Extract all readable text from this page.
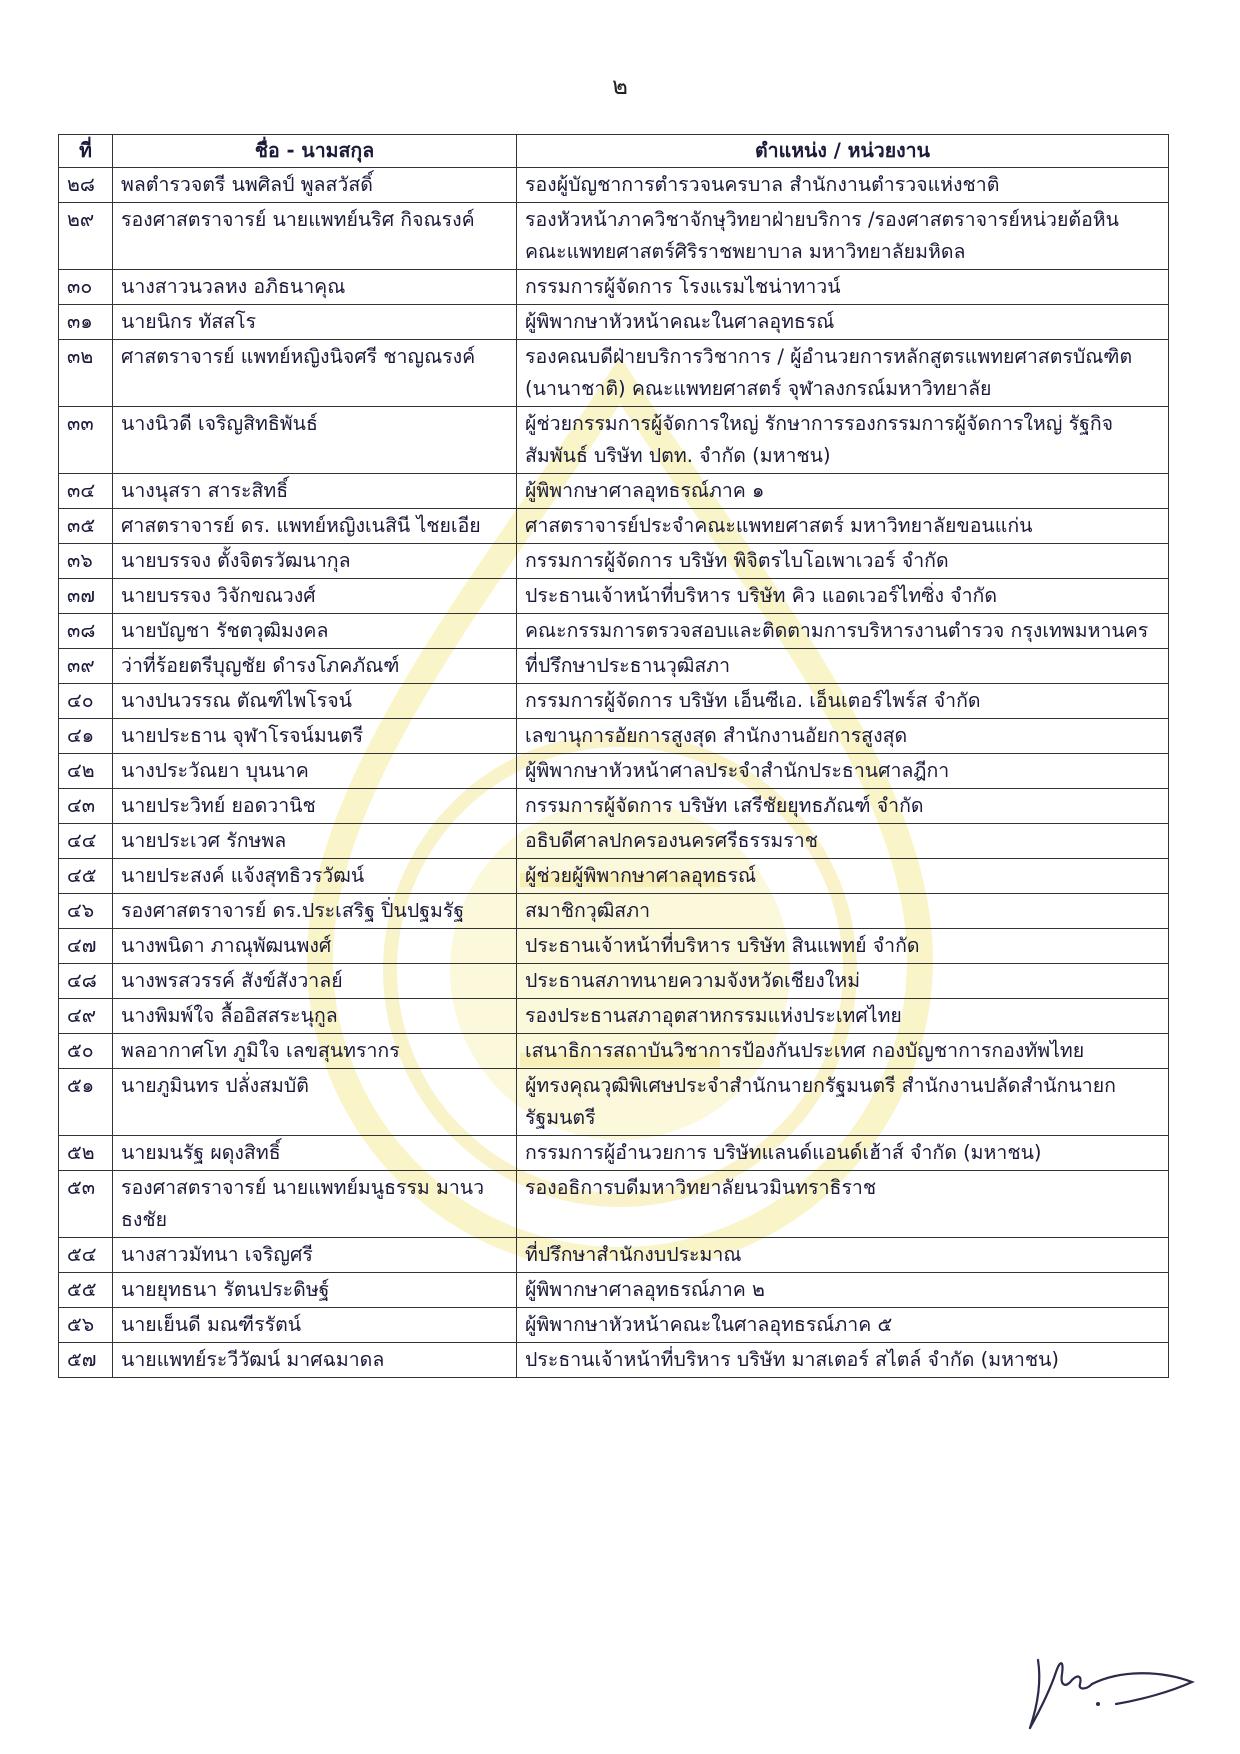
๒
ที่	ชื่อ - นามสกุล	ตำแหน่ง / หน่วยงาน
๒๘	พลตำรวจตรี นพศิลป์ พูลสวัสดิ์	รองผู้บัญชาการตำรวจนครบาล สำนักงานตำรวจแห่งชาติ
๒๙	รองศาสตราจารย์ นายแพทย์นริศ กิจณรงค์	รองหัวหน้าภาควิชาจักษุวิทยาฝ่ายบริการ /รองศาสตราจารย์หน่วยต้อหิน คณะแพทยศาสตร์ศิริราชพยาบาล มหาวิทยาลัยมหิดล
๓๐	นางสาวนวลหง อภิธนาคุณ	กรรมการผู้จัดการ โรงแรมไชน่าทาวน์
๓๑	นายนิกร ทัสสโร	ผู้พิพากษาหัวหน้าคณะในศาลอุทธรณ์
๓๒	ศาสตราจารย์ แพทย์หญิงนิจศรี ชาญณรงค์	รองคณบดีฝ่ายบริการวิชาการ / ผู้อำนวยการหลักสูตรแพทยศาสตรบัณฑิต (นานาชาติ) คณะแพทยศาสตร์ จุฬาลงกรณ์มหาวิทยาลัย
๓๓	นางนิวดี เจริญสิทธิพันธ์	ผู้ช่วยกรรมการผู้จัดการใหญ่ รักษาการรองกรรมการผู้จัดการใหญ่ รัฐกิจสัมพันธ์ บริษัท ปตท. จำกัด (มหาชน)
๓๔	นางนุสรา สาระสิทธิ์	ผู้พิพากษาศาลอุทธรณ์ภาค ๑
๓๕	ศาสตราจารย์ ดร. แพทย์หญิงเนสินี ไชยเอีย	ศาสตราจารย์ประจำคณะแพทยศาสตร์ มหาวิทยาลัยขอนแก่น
๓๖	นายบรรจง ตั้งจิตรวัฒนากุล	กรรมการผู้จัดการ บริษัท พิจิตรไบโอเพาเวอร์ จำกัด
๓๗	นายบรรจง วิจักขณวงศ์	ประธานเจ้าหน้าที่บริหาร บริษัท คิว แอดเวอร์ไทซิ่ง จำกัด
๓๘	นายบัญชา รัชตวุฒิมงคล	คณะกรรมการตรวจสอบและติดตามการบริหารงานตำรวจ กรุงเทพมหานคร
๓๙	ว่าที่ร้อยตรีบุญชัย ดำรงโภคภัณฑ์	ที่ปรึกษาประธานวุฒิสภา
๔๐	นางปนวรรณ ตัณฑ์ไพโรจน์	กรรมการผู้จัดการ บริษัท เอ็นซีเอ. เอ็นเตอร์ไพร์ส จำกัด
๔๑	นายประธาน จุฬาโรจน์มนตรี	เลขานุการอัยการสูงสุด สำนักงานอัยการสูงสุด
๔๒	นางประวัณยา บุนนาค	ผู้พิพากษาหัวหน้าศาลประจำสำนักประธานศาลฎีกา
๔๓	นายประวิทย์ ยอดวานิช	กรรมการผู้จัดการ บริษัท เสรีชัยยุทธภัณฑ์ จำกัด
๔๔	นายประเวศ รักษพล	อธิบดีศาลปกครองนครศรีธรรมราช
๔๕	นายประสงค์ แจ้งสุทธิวรวัฒน์	ผู้ช่วยผู้พิพากษาศาลอุทธรณ์
๔๖	รองศาสตราจารย์ ดร.ประเสริฐ ปิ่นปฐมรัฐ	สมาชิกวุฒิสภา
๔๗	นางพนิดา ภาณุพัฒนพงศ์	ประธานเจ้าหน้าที่บริหาร บริษัท สินแพทย์ จำกัด
๔๘	นางพรสวรรค์ สังข์สังวาลย์	ประธานสภาทนายความจังหวัดเชียงใหม่
๔๙	นางพิมพ์ใจ ลื้ออิสสระนุกูล	รองประธานสภาอุตสาหกรรมแห่งประเทศไทย
๕๐	พลอากาศโท ภูมิใจ เลขสุนทรากร	เสนาธิการสถาบันวิชาการป้องกันประเทศ กองบัญชาการกองทัพไทย
๕๑	นายภูมินทร ปลั่งสมบัติ	ผู้ทรงคุณวุฒิพิเศษประจำสำนักนายกรัฐมนตรี สำนักงานปลัดสำนักนายกรัฐมนตรี
๕๒	นายมนรัฐ ผดุงสิทธิ์	กรรมการผู้อำนวยการ บริษัทแลนด์แอนด์เฮ้าส์ จำกัด (มหาชน)
๕๓	รองศาสตราจารย์ นายแพทย์มนูธรรม มานวธงชัย	รองอธิการบดีมหาวิทยาลัยนวมินทราธิราช
๕๔	นางสาวมัทนา เจริญศรี	ที่ปรึกษาสำนักงบประมาณ
๕๕	นายยุทธนา รัตนประดิษฐ์	ผู้พิพากษาศาลอุทธรณ์ภาค ๒
๕๖	นายเย็นดี มณฑีรรัตน์	ผู้พิพากษาหัวหน้าคณะในศาลอุทธรณ์ภาค ๕
๕๗	นายแพทย์ระวีวัฒน์ มาศฉมาดล	ประธานเจ้าหน้าที่บริหาร บริษัท มาสเตอร์ สไตล์ จำกัด (มหาชน)
